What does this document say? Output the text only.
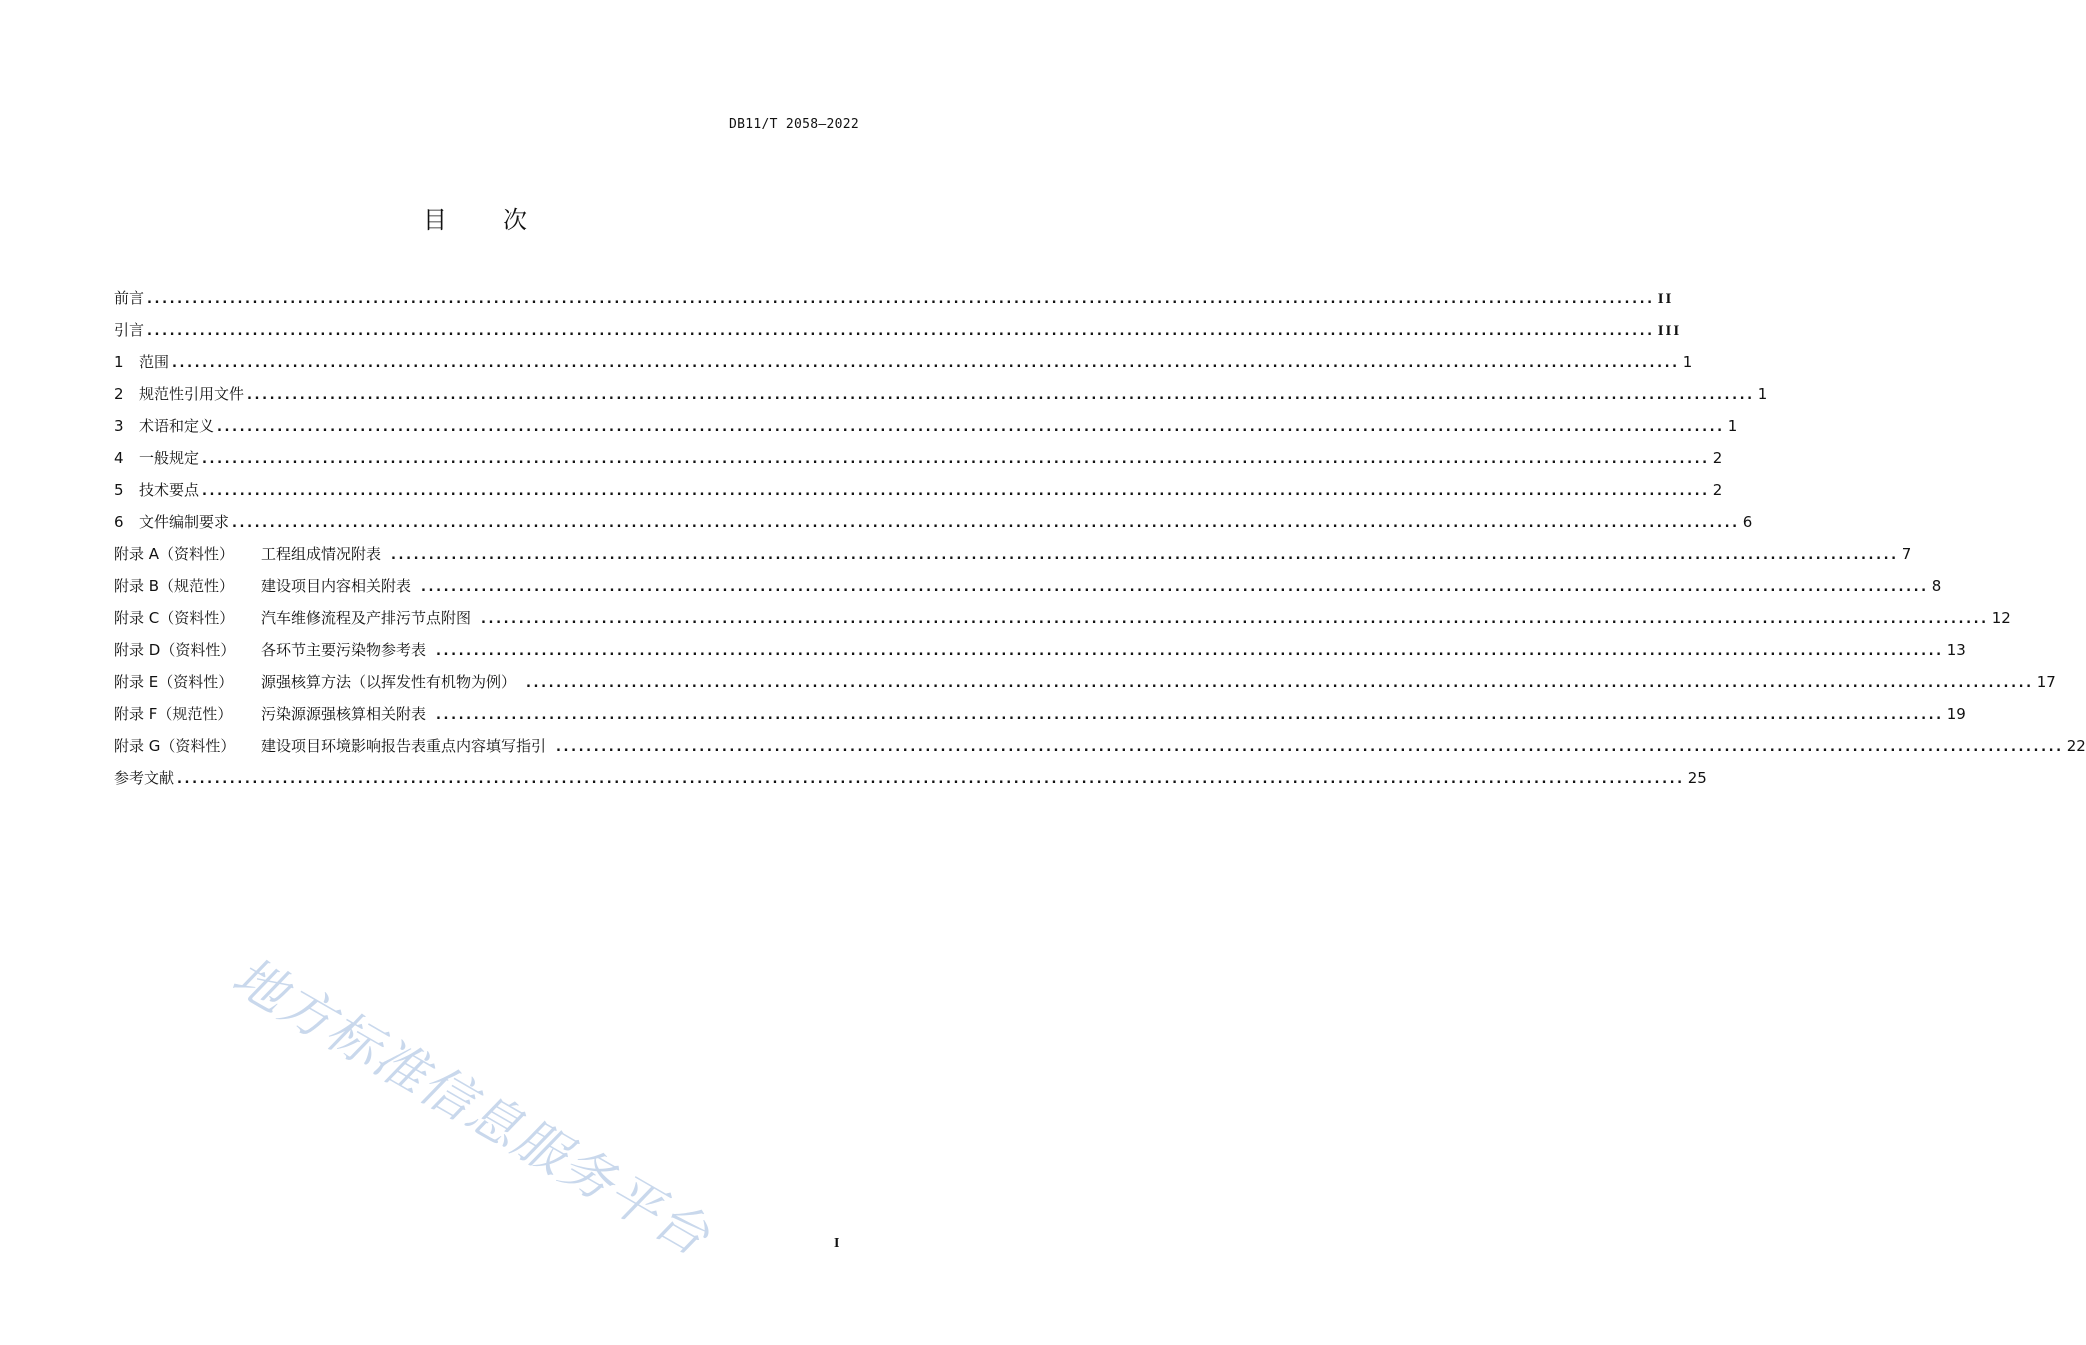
DB11/T 2058—2022
目 次
前言 ........................................................................................................................................................................................................ II
引言 ........................................................................................................................................................................................................ III
1	范围 ........................................................................................................................................................................................................ 1
2	规范性引用文件 ........................................................................................................................................................................................................ 1
3	术语和定义 ........................................................................................................................................................................................................ 1
4	一般规定 ........................................................................................................................................................................................................ 2
5	技术要点 ........................................................................................................................................................................................................ 2
6	文件编制要求 ........................................................................................................................................................................................................ 6
附录 A（资料性）	工程组成情况附表 ........................................................................................................................................................................................................ 7
附录 B（规范性）	建设项目内容相关附表 ........................................................................................................................................................................................................ 8
附录 C（资料性）	汽车维修流程及产排污节点附图 ........................................................................................................................................................................................................ 12
附录 D（资料性）	各环节主要污染物参考表 ........................................................................................................................................................................................................ 13
附录 E（资料性）	源强核算方法（以挥发性有机物为例） ........................................................................................................................................................................................................ 17
附录 F（规范性）	污染源源强核算相关附表 ........................................................................................................................................................................................................ 19
附录 G（资料性）	建设项目环境影响报告表重点内容填写指引 ........................................................................................................................................................................................................ 22
参考文献 ........................................................................................................................................................................................................ 25
地方标准信息服务平台	I
